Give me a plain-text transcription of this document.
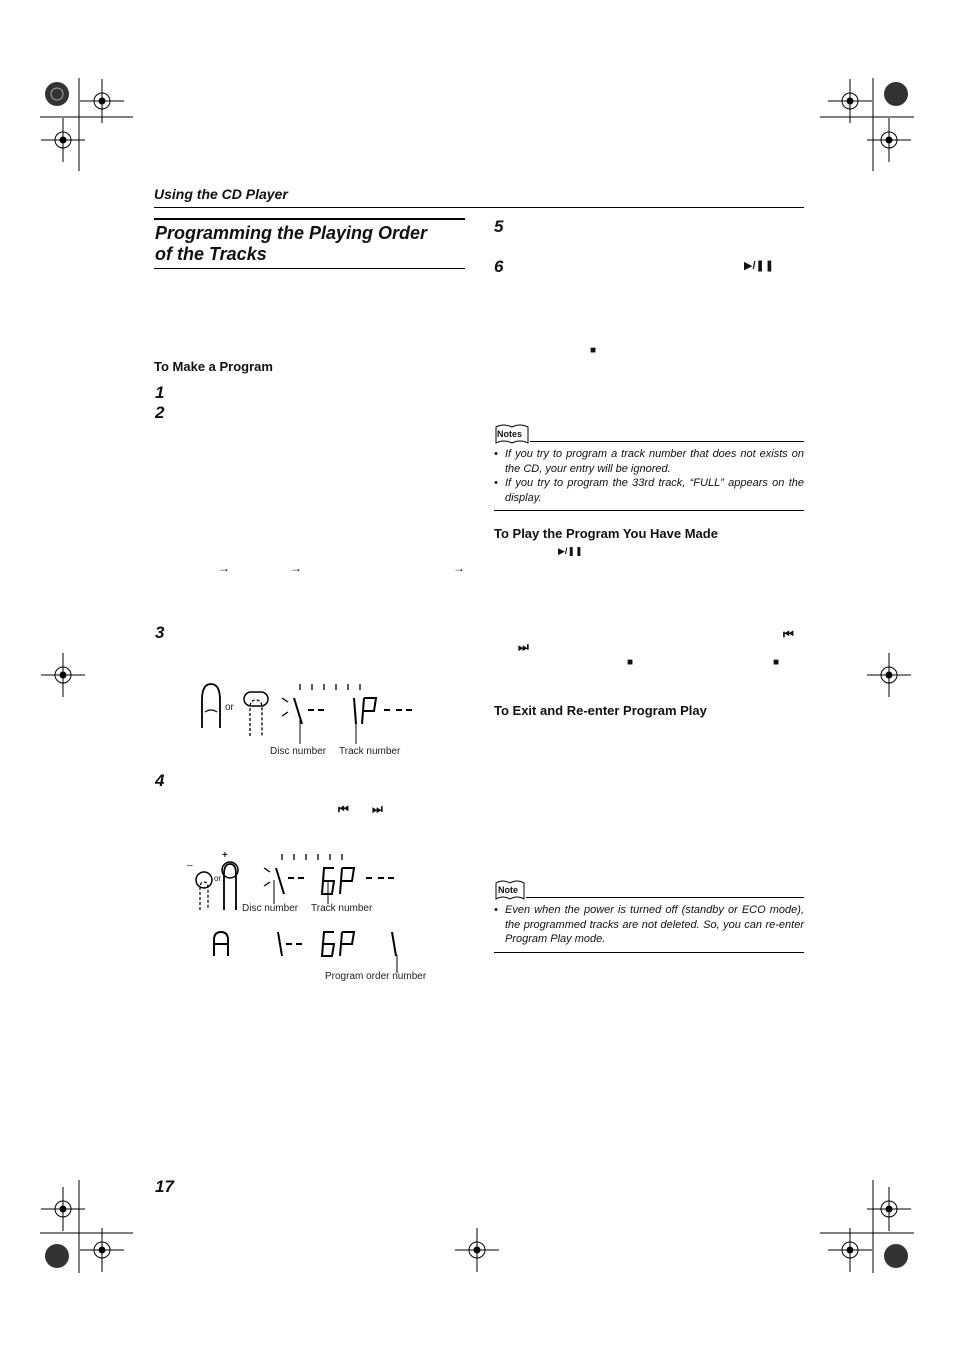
Using the CD Player
Programming the Playing Order
of the Tracks
To Make a Program
1
2
→	→	→
3
or
Disc number Track number
4
⏮ ⏭
–
+
or
Disc number Track number
Program order number
5
6	▶/❚❚
■
Notes
• If you try to program a track number that does not exists on the CD, your entry will be ignored.
• If you try to program the 33rd track, “FULL” appears on the display.
To Play the Program You Have Made
▶/❚❚
⏮
⏭
■	■
To Exit and Re-enter Program Play
Note
• Even when the power is turned off (standby or ECO mode), the programmed tracks are not deleted. So, you can re-enter Program Play mode.
17
